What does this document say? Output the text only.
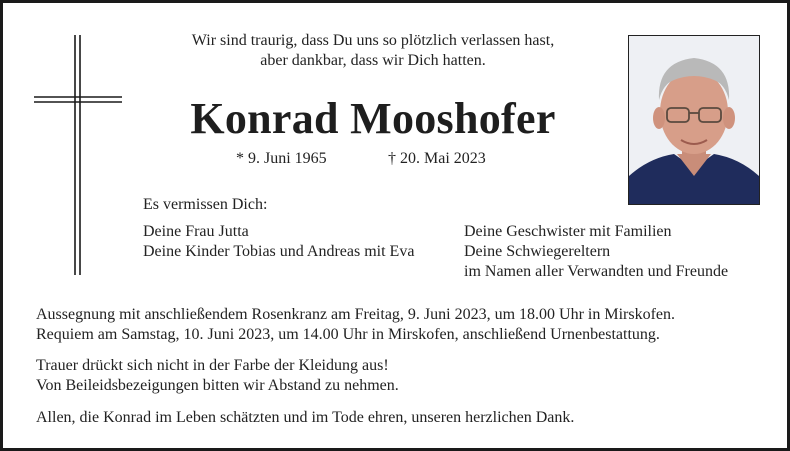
Wir sind traurig, dass Du uns so plötzlich verlassen hast,
aber dankbar, dass wir Dich hatten.
Konrad Mooshofer
* 9. Juni 1965	† 20. Mai 2023
Es vermissen Dich:
Deine Frau Jutta
Deine Kinder Tobias und Andreas mit Eva
Deine Geschwister mit Familien
Deine Schwiegereltern
im Namen aller Verwandten und Freunde
Aussegnung mit anschließendem Rosenkranz am Freitag, 9. Juni 2023, um 18.00 Uhr in Mirskofen.
Requiem am Samstag, 10. Juni 2023, um 14.00 Uhr in Mirskofen, anschließend Urnenbestattung.
Trauer drückt sich nicht in der Farbe der Kleidung aus!
Von Beileidsbezeigungen bitten wir Abstand zu nehmen.
Allen, die Konrad im Leben schätzten und im Tode ehren, unseren herzlichen Dank.
